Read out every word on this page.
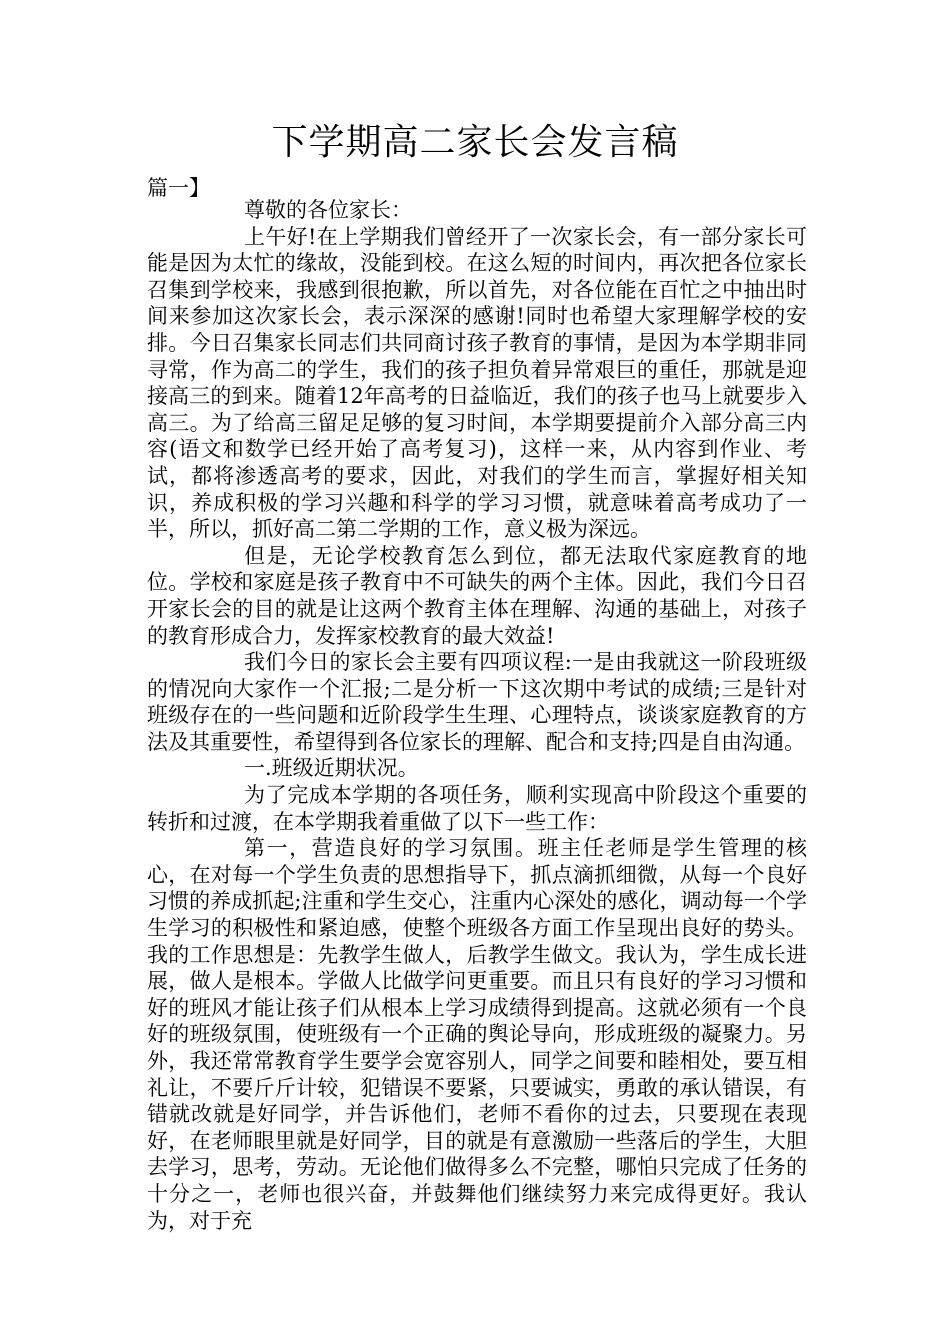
下学期高二家长会发言稿
篇一】

尊敬的各位家长：

上午好!在上学期我们曾经开了一次家长会，有一部分家长可能是因为太忙的缘故，没能到校。在这么短的时间内，再次把各位家长召集到学校来，我感到很抱歉，所以首先，对各位能在百忙之中抽出时间来参加这次家长会，表示深深的感谢!同时也希望大家理解学校的安排。今日召集家长同志们共同商讨孩子教育的事情，是因为本学期非同寻常，作为高二的学生，我们的孩子担负着异常艰巨的重任，那就是迎接高三的到来。随着12年高考的日益临近，我们的孩子也马上就要步入高三。为了给高三留足足够的复习时间，本学期要提前介入部分高三内容(语文和数学已经开始了高考复习)，这样一来，从内容到作业、考试，都将渗透高考的要求，因此，对我们的学生而言，掌握好相关知识，养成积极的学习兴趣和科学的学习习惯，就意味着高考成功了一半，所以，抓好高二第二学期的工作，意义极为深远。

但是，无论学校教育怎么到位，都无法取代家庭教育的地位。学校和家庭是孩子教育中不可缺失的两个主体。因此，我们今日召开家长会的目的就是让这两个教育主体在理解、沟通的基础上，对孩子的教育形成合力，发挥家校教育的最大效益!

我们今日的家长会主要有四项议程:一是由我就这一阶段班级的情况向大家作一个汇报;二是分析一下这次期中考试的成绩;三是针对班级存在的一些问题和近阶段学生生理、心理特点，谈谈家庭教育的方法及其重要性，希望得到各位家长的理解、配合和支持;四是自由沟通。

一.班级近期状况。

为了完成本学期的各项任务，顺利实现高中阶段这个重要的转折和过渡，在本学期我着重做了以下一些工作：

第一，营造良好的学习氛围。班主任老师是学生管理的核心，在对每一个学生负责的思想指导下，抓点滴抓细微，从每一个良好习惯的养成抓起;注重和学生交心，注重内心深处的感化，调动每一个学生学习的积极性和紧迫感，使整个班级各方面工作呈现出良好的势头。我的工作思想是：先教学生做人，后教学生做文。我认为，学生成长进展，做人是根本。学做人比做学问更重要。而且只有良好的学习习惯和好的班风才能让孩子们从根本上学习成绩得到提高。这就必须有一个良好的班级氛围，使班级有一个正确的舆论导向，形成班级的凝聚力。另外，我还常常教育学生要学会宽容别人，同学之间要和睦相处，要互相礼让，不要斤斤计较，犯错误不要紧，只要诚实，勇敢的承认错误，有错就改就是好同学，并告诉他们，老师不看你的过去，只要现在表现好，在老师眼里就是好同学，目的就是有意激励一些落后的学生，大胆去学习，思考，劳动。无论他们做得多么不完整，哪怕只完成了任务的十分之一，老师也很兴奋，并鼓舞他们继续努力来完成得更好。我认为，对于充
